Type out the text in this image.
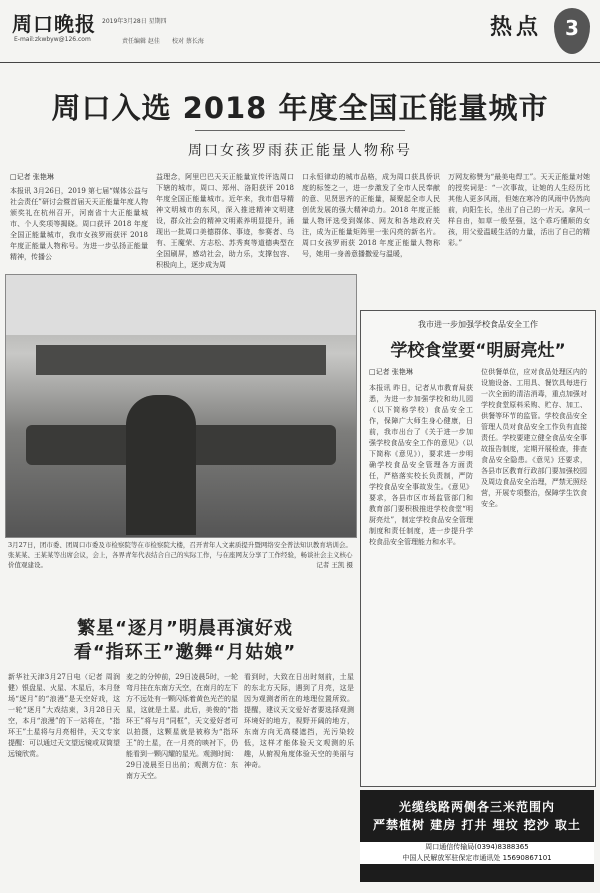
周口晚报 2019年3月28日 星期四
E-mail:zkwbyw@126.com	责任编辑 赵佳 校对 蔡长海
热点	3
周口入选 2018 年度全国正能量城市
周口女孩罗雨获正能量人物称号
□记者 张艳琳
本报讯 3月26日，2019 第七届“媒体公益与社会责任”研讨会暨首届天天正能量年度人物颁奖礼在杭州召开，河南省十大正能量城市、个人奖项等揭晓。周口获评 2018 年度全国正能量城市，我市女孩罗雨获评 2018 年度正能量人物称号。为进一步弘扬正能量精神，传播公
益理念，阿里巴巴天天正能量宣传评选周口下辖的城市，周口、郑州、洛阳获评 2018 年度全国正能量城市。近年来，我市倡导精神文明城市的东风，深入推进精神文明建设，群众社会的精神文明素养明显提升，涌现出一批周口美德群体、事迹，参赛者、乌有、王魔荣、方志松、苏秀爽等道德典型在全国刷屏，感动社会，助力乐，支撑包容、积极向上，逐步成为周
口永恒律动的城市品格，成为周口获具侨识度的标签之一，进一步激发了全市人民奉献的意、见贤思齐的正能量，凝聚起全市人民创优发展的强大精神动力。2018 年度正能量人物评选受到媒体、网友和各地政府关注，成为正能量矩阵里一张闪亮的新名片。周口女孩罗雨获 2018 年度正能量人物称号，她用一身善意播撒爱与温暖，
万网友称赞为“最美电焊工”。天天正能量对她的授奖词是：“一次事故，让她的人生经历比其他人更多风雨，但她在寒冷的风雨中仍然向前，向阳生长，坐出了自己的一片天。拿风一样自由，如草一般坚强，这个乖巧懂顺的女孩，用父爱温暖生活的力量，活出了自己的精彩。”
3月27日，团市委、团周口市委及市检察院等在市检察院大楼，召开青年人文素质提升暨网络安全普法知识教育培训会。张某某、王某某等出席会议，会上，各界青年代表结合自己的实际工作，与在座网友分享了工作经验，畅谈社会主义核心价值观建设。	记者 王凯 摄
繁星“逐月”明晨再演好戏
看“指环王”邀舞“月姑娘”
新华社天津3月27日电（记者 周润健）银盘星、火星、木星后，本月登场“逐月”的“浪漫”是天空好戏，这一轮“逐月”大戏结束，3月28日天空，本月“浪漫”的下一站将在，“指环王”土星将与月亮相伴，天文专家提醒：可以通过天文望远镜或双筒望远镜欣赏。
麦之的分钟前，29日凌晨5时，一轮弯月挂在东南方天空，在南月的左下方不远处有一颗闪烁着黄色光芒的星星，这就是土星。此后，美俊的“指环王”将与月“同框”，天文爱好者可以拍摄，这颗星就是被称为“指环王”的土星，在一月亮的映衬下，仍能看到一颗闪耀的星光。观测时间：29日凌晨至日出前；观测方位：东南方天空。
看到时，大致在日出时刻前，土星的东北方天际，遇到了月亮，这是因为观测者所在的地理位置所致。提醒，建议天文爱好者要选择观测环境好的地方，视野开阔的地方，东南方向无高楼遮挡，光污染较低，这样才能体验天文观测的乐趣，从俯视角度体验天空的美丽与神奇。
我市进一步加强学校食品安全工作
学校食堂要“明厨亮灶”
□记者 张艳琳
本报讯 昨日，记者从市教育局获悉，为进一步加强学校和幼儿园（以下简称学校）食品安全工作，保障广大师生身心健康，日前，我市出台了《关于进一步加强学校食品安全工作的意见》（以下简称《意见》），要求进一步明确学校食品安全管理各方面责任，严格落实校长负责制，严防学校食品安全事故发生。《意见》要求，各县市区市场监管部门和教育部门要积极推进学校食堂“明厨亮灶”，制定学校食品安全管理制度和责任制度，进一步提升学校食品安全管理能力和水平。
位供餐单位，应对食品处理区内的设施设备、工用具、餐饮具每进行一次全面的清洁消毒，重点加强对学校食堂原料采购、贮存、加工、供餐等环节的监管。学校食品安全管理人员对食品安全工作负有直接责任。学校要建立健全食品安全事故报告制度，定期开展检查，排查食品安全隐患。《意见》还要求，各县市区教育行政部门要加强校园及周边食品安全治理，严禁无照经营，开展专项整治，保障学生饮食安全。
光缆线路两侧各三米范围内
严禁植树 建房 打井 埋坟 挖沙 取土
周口通信传输局(0394)8388365
中国人民解放军驻保定市通讯处 15690867101
